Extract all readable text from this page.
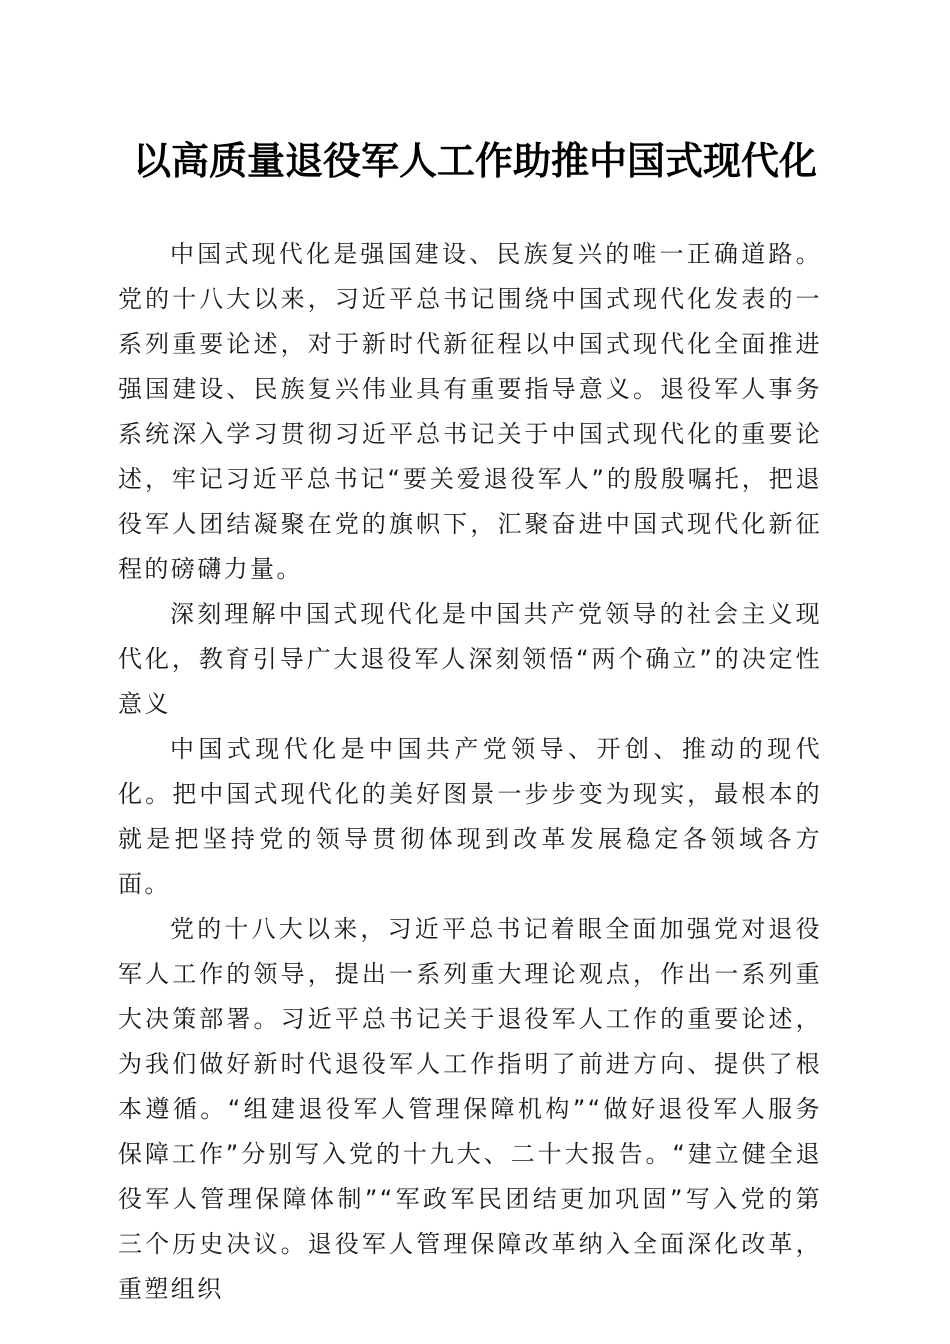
以高质量退役军人工作助推中国式现代化

中国式现代化是强国建设、民族复兴的唯一正确道路。党的十八大以来，习近平总书记围绕中国式现代化发表的一系列重要论述，对于新时代新征程以中国式现代化全面推进强国建设、民族复兴伟业具有重要指导意义。退役军人事务系统深入学习贯彻习近平总书记关于中国式现代化的重要论述，牢记习近平总书记“要关爱退役军人”的殷殷嘱托，把退役军人团结凝聚在党的旗帜下，汇聚奋进中国式现代化新征程的磅礴力量。

深刻理解中国式现代化是中国共产党领导的社会主义现代化，教育引导广大退役军人深刻领悟“两个确立”的决定性意义

中国式现代化是中国共产党领导、开创、推动的现代化。把中国式现代化的美好图景一步步变为现实，最根本的就是把坚持党的领导贯彻体现到改革发展稳定各领域各方面。

党的十八大以来，习近平总书记着眼全面加强党对退役军人工作的领导，提出一系列重大理论观点，作出一系列重大决策部署。习近平总书记关于退役军人工作的重要论述，为我们做好新时代退役军人工作指明了前进方向、提供了根本遵循。“组建退役军人管理保障机构”“做好退役军人服务保障工作”分别写入党的十九大、二十大报告。“建立健全退役军人管理保障体制”“军政军民团结更加巩固”写入党的第三个历史决议。退役军人管理保障改革纳入全面深化改革，重塑组织
